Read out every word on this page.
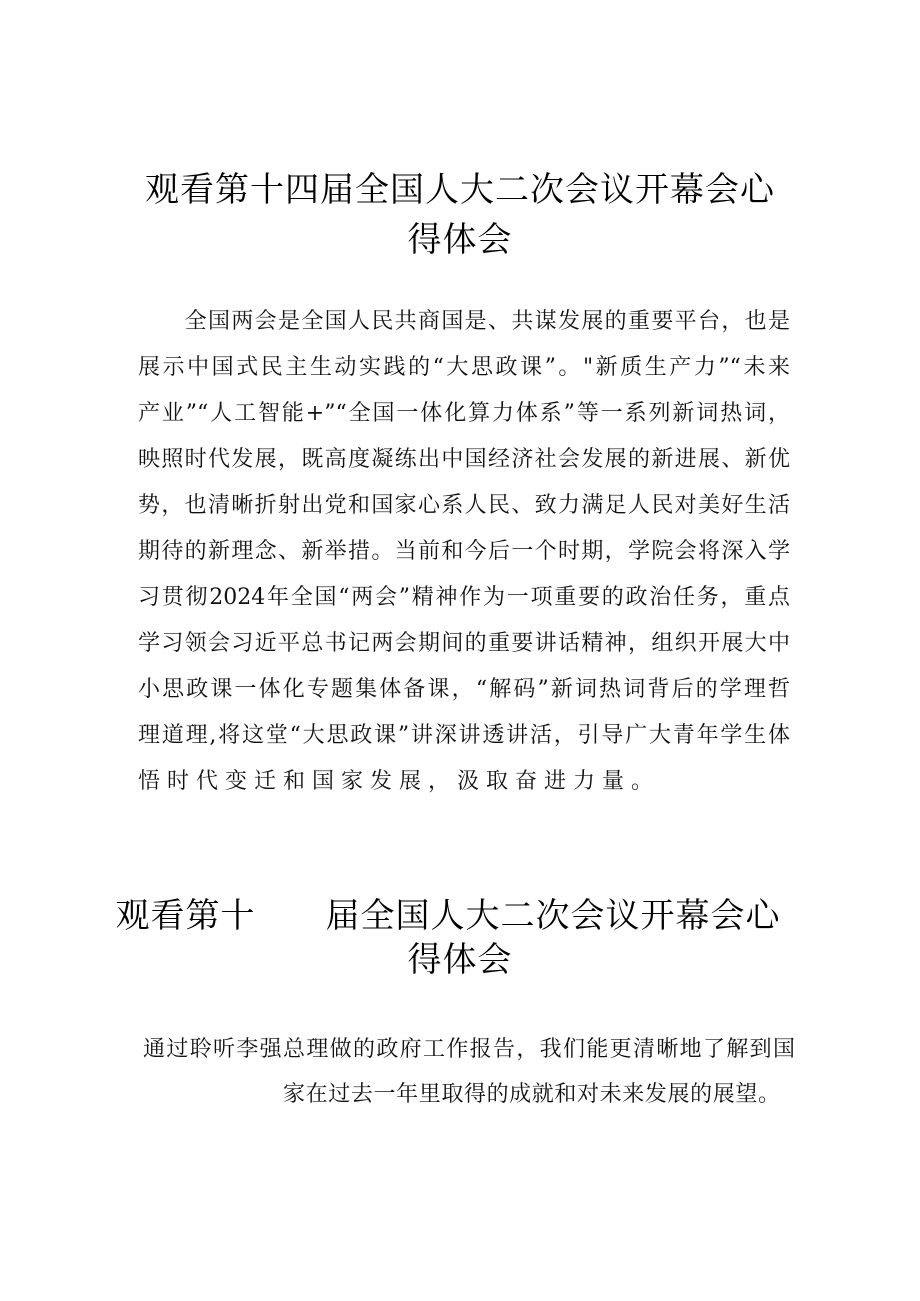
观看第十四届全国人大二次会议开幕会心
得体会
　　全国两会是全国人民共商国是、共谋发展的重要平台，也是
展示中国式民主生动实践的“大思政课”。"新质生产力”“未来
产业”“人工智能+”“全国一体化算力体系”等一系列新词热词，
映照时代发展，既高度凝练出中国经济社会发展的新进展、新优
势，也清晰折射出党和国家心系人民、致力满足人民对美好生活
期待的新理念、新举措。当前和今后一个时期，学院会将深入学
习贯彻2024年全国“两会”精神作为一项重要的政治任务，重点
学习领会习近平总书记两会期间的重要讲话精神，组织开展大中
小思政课一体化专题集体备课，“解码”新词热词背后的学理哲
理道理,将这堂“大思政课”讲深讲透讲活，引导广大青年学生体
悟时代变迁和国家发展，汲取奋进力量。
观看第十　　届全国人大二次会议开幕会心
得体会
通过聆听李强总理做的政府工作报告，我们能更清晰地了解到国
家在过去一年里取得的成就和对未来发展的展望。
